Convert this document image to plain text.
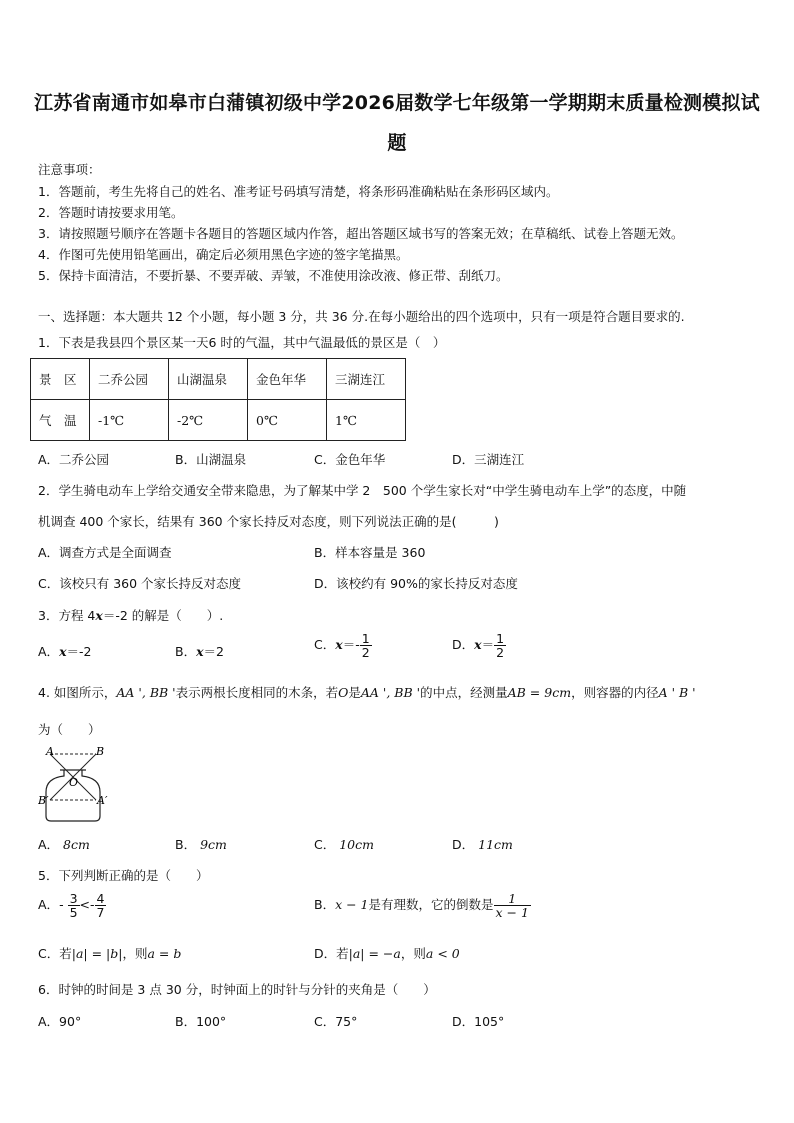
江苏省南通市如皋市白蒲镇初级中学2026届数学七年级第一学期期末质量检测模拟试
题
注意事项：
1．答题前，考生先将自己的姓名、准考证号码填写清楚，将条形码准确粘贴在条形码区域内。
2．答题时请按要求用笔。
3．请按照题号顺序在答题卡各题目的答题区域内作答，超出答题区域书写的答案无效；在草稿纸、试卷上答题无效。
4．作图可先使用铅笔画出，确定后必须用黑色字迹的签字笔描黑。
5．保持卡面清洁，不要折暴、不要弄破、弄皱，不准使用涂改液、修正带、刮纸刀。
一、选择题：本大题共 12 个小题，每小题 3 分，共 36 分.在每小题给出的四个选项中，只有一项是符合题目要求的.
1．下表是我县四个景区某一天6 时的气温，其中气温最低的景区是（　）
景　区	二乔公园	山湖温泉	金色年华	三湖连江
气　温	-1℃	-2℃	0℃	1℃
A．二乔公园	B．山湖温泉	C．金色年华	D．三湖连江
2．学生骑电动车上学给交通安全带来隐患，为了解某中学 2　500 个学生家长对“中学生骑电动车上学”的态度，中随
机调查 400 个家长，结果有 360 个家长持反对态度，则下列说法正确的是(　　　)
A．调查方式是全面调查	B．样本容量是 360
C．该校只有 360 个家长持反对态度	D．该校约有 90%的家长持反对态度
3．方程 4x＝-2 的解是（　　）.
A．x＝-2	B．x＝2	C．$x=- \frac{1}{2}$	D．$x= \frac{1}{2}$
4. 如图所示，AA ', BB '表示两根长度相同的木条，若O是AA ', BB '的中点，经测量AB = 9cm，则容器的内径A ' B '
为（　　）
A	B
O
B′	A′
A． 8cm	B． 9cm	C． 10cm	D． 11cm
5．下列判断正确的是（　　）
A．- $\frac{3}{5} <- \frac{4}{7}$	B．x − 1是有理数，它的倒数是 $\frac{1}{x - 1}$
C．若|a| = |b|，则a = b	D．若|a| = −a，则a < 0
6．时钟的时间是 3 点 30 分，时钟面上的时针与分针的夹角是（　　）
A．90°	B．100°	C．75°	D．105°
